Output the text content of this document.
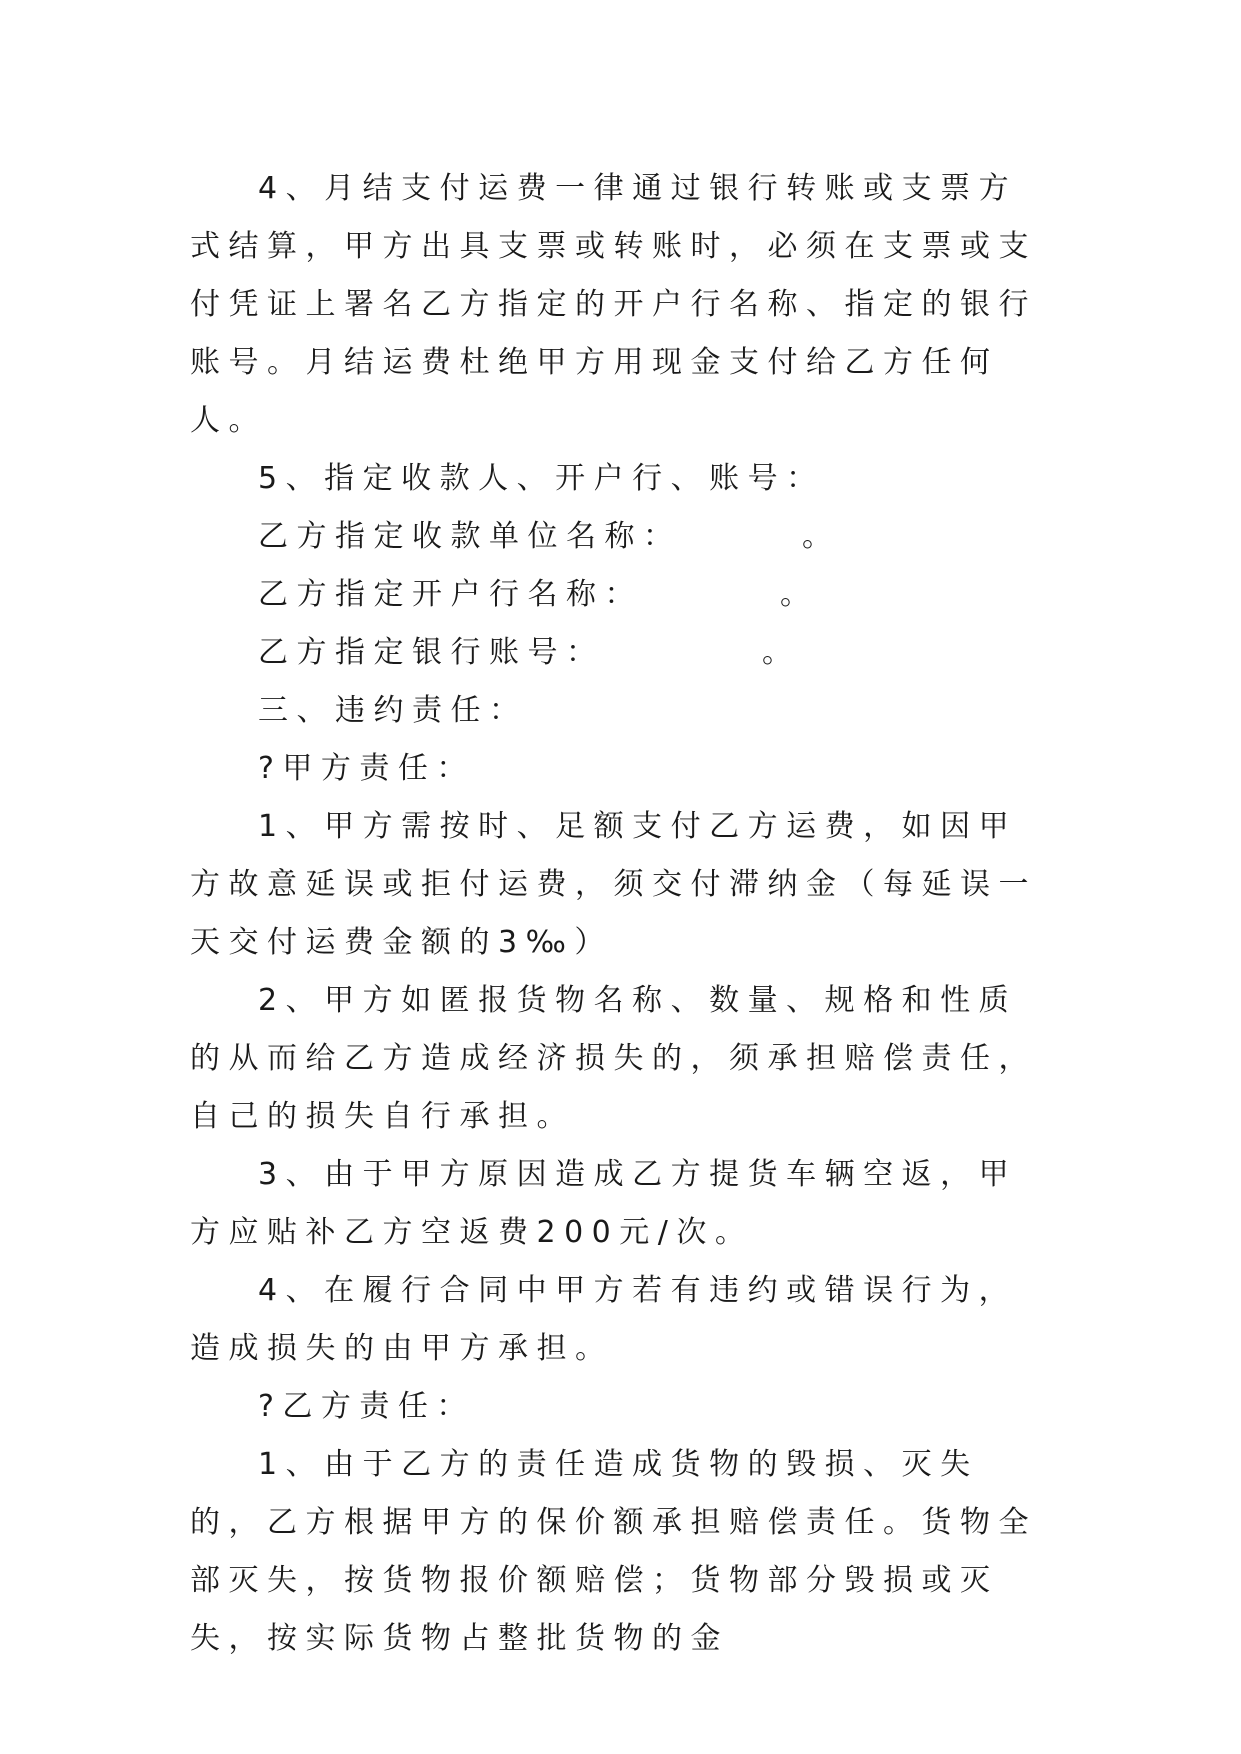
4、月结支付运费一律通过银行转账或支票方式结算，甲方出具支票或转账时，必须在支票或支付凭证上署名乙方指定的开户行名称、指定的银行账号。月结运费杜绝甲方用现金支付给乙方任何人。

5、指定收款人、开户行、账号：

乙方指定收款单位名称：	。

乙方指定开户行名称：	。

乙方指定银行账号：	。

三、违约责任：

?甲方责任：

1、甲方需按时、足额支付乙方运费，如因甲方故意延误或拒付运费，须交付滞纳金（每延误一天交付运费金额的3‰）

2、甲方如匿报货物名称、数量、规格和性质的从而给乙方造成经济损失的，须承担赔偿责任，自己的损失自行承担。

3、由于甲方原因造成乙方提货车辆空返，甲方应贴补乙方空返费200元/次。

4、在履行合同中甲方若有违约或错误行为，造成损失的由甲方承担。

?乙方责任：

1、由于乙方的责任造成货物的毁损、灭失的，乙方根据甲方的保价额承担赔偿责任。货物全部灭失，按货物报价额赔偿；货物部分毁损或灭失，按实际货物占整批货物的金
